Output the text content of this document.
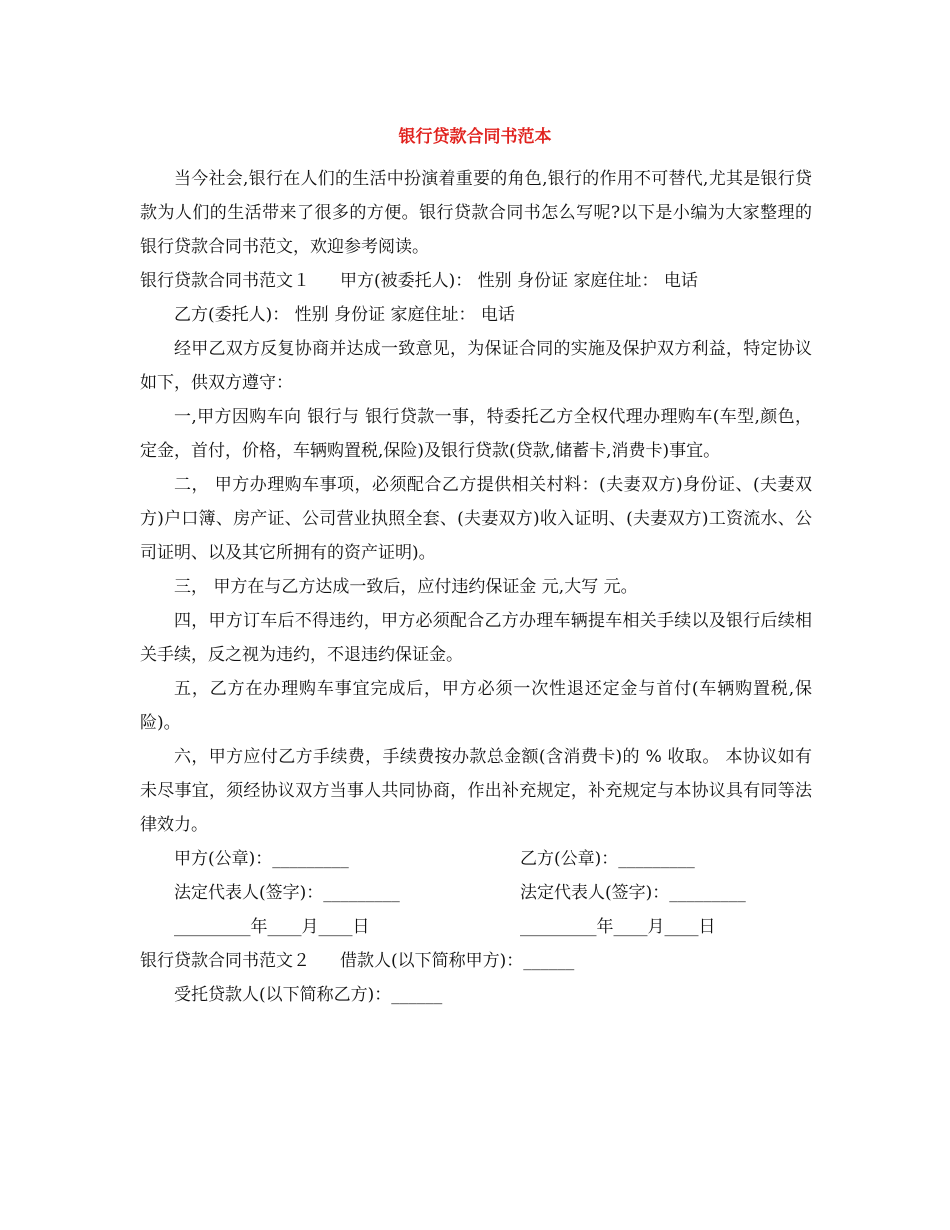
银行贷款合同书范本

当今社会,银行在人们的生活中扮演着重要的角色,银行的作用不可替代,尤其是银行贷款为人们的生活带来了很多的方便。银行贷款合同书怎么写呢?以下是小编为大家整理的银行贷款合同书范文，欢迎参考阅读。

银行贷款合同书范文１ 甲方(被委托人)： 性别 身份证 家庭住址： 电话

乙方(委托人)： 性别 身份证 家庭住址： 电话

经甲乙双方反复协商并达成一致意见，为保证合同的实施及保护双方利益，特定协议如下，供双方遵守：

一,甲方因购车向 银行与 银行贷款一事，特委托乙方全权代理办理购车(车型,颜色，定金，首付，价格，车辆购置税,保险)及银行贷款(贷款,储蓄卡,消费卡)事宜。

二， 甲方办理购车事项，必须配合乙方提供相关村料：(夫妻双方)身份证、(夫妻双方)户口簿、房产证、公司营业执照全套、(夫妻双方)收入证明、(夫妻双方)工资流水、公司证明、以及其它所拥有的资产证明)。

三， 甲方在与乙方达成一致后，应付违约保证金 元,大写 元。

四，甲方订车后不得违约，甲方必须配合乙方办理车辆提车相关手续以及银行后续相关手续，反之视为违约，不退违约保证金。

五，乙方在办理购车事宜完成后，甲方必须一次性退还定金与首付(车辆购置税,保险)。

六，甲方应付乙方手续费，手续费按办款总金额(含消费卡)的 % 收取。 本协议如有未尽事宜，须经协议双方当事人共同协商，作出补充规定，补充规定与本协议具有同等法律效力。

甲方(公章)：_________	乙方(公章)：_________
法定代表人(签字)：_________	法定代表人(签字)：_________
_________年____月____日	_________年____月____日

银行贷款合同书范文２ 借款人(以下简称甲方)：______

受托贷款人(以下简称乙方)：______
